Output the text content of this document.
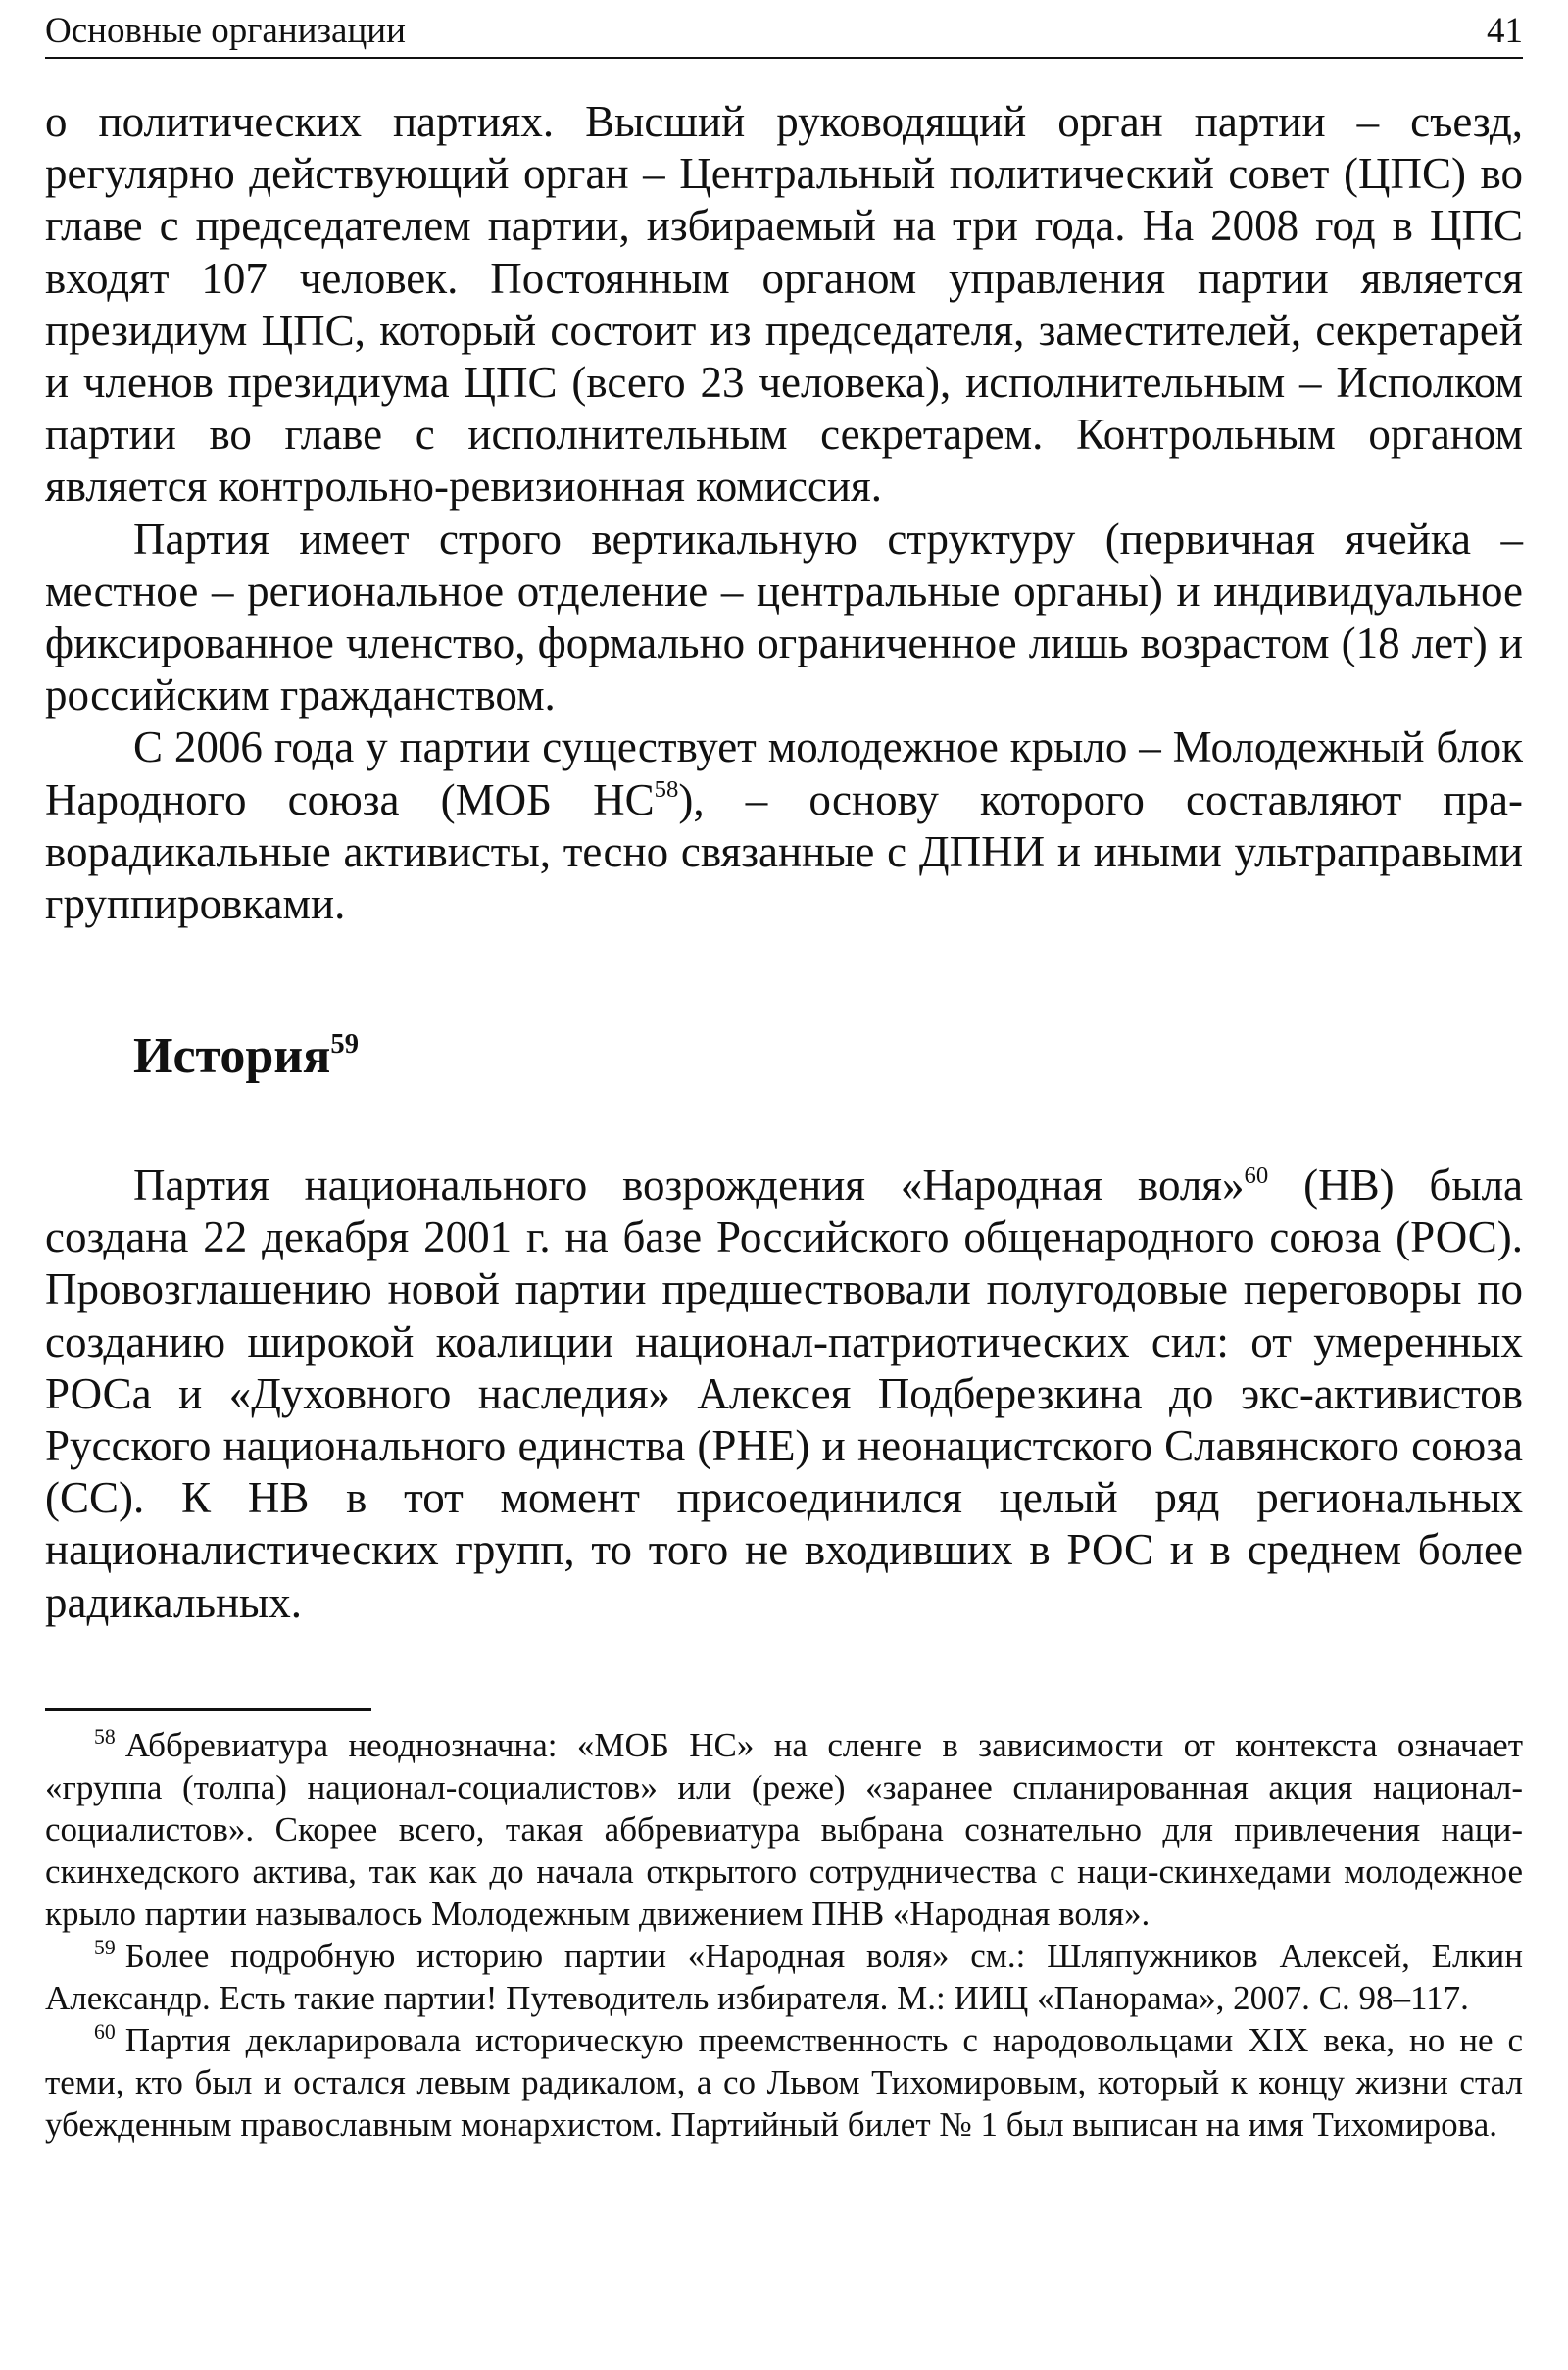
Основные организации	41

о политических партиях. Высший руководящий орган партии – съезд, регулярно действующий орган – Центральный политический совет (ЦПС) во главе с председателем партии, избираемый на три года. На 2008 год в ЦПС входят 107 человек. Постоянным органом управления партии является президиум ЦПС, который состоит из председателя, заместителей, секретарей и членов президиума ЦПС (всего 23 человека), исполнительным – Исполком партии во главе с исполнительным секретарем. Контрольным органом является контрольно-ревизионная комиссия.

Партия имеет строго вертикальную структуру (первичная ячейка – местное – региональное отделение – центральные органы) и индивидуальное фиксированное членство, формально ограниченное лишь возрастом (18 лет) и российским гражданством.

С 2006 года у партии существует молодежное крыло – Молодежный блок Народного союза (МОБ НС$^{58}$), – основу которого составляют праворадикальные активисты, тесно связанные с ДПНИ и иными ультраправыми группировками.

История$^{59}$

Партия национального возрождения «Народная воля»$^{60}$ (НВ) была создана 22 декабря 2001 г. на базе Российского общенародного союза (РОС). Провозглашению новой партии предшествовали полугодовые переговоры по созданию широкой коалиции национал-патриотических сил: от умеренных РОСа и «Духовного наследия» Алексея Подберезкина до экс-активистов Русского национального единства (РНЕ) и неонацистского Славянского союза (СС). К НВ в тот момент присоединился целый ряд региональных националистических групп, то того не входивших в РОС и в среднем более радикальных.

$^{58}$ Аббревиатура неоднозначна: «МОБ НС» на сленге в зависимости от контекста означает «группа (толпа) национал-социалистов» или (реже) «заранее спланированная акция национал-социалистов». Скорее всего, такая аббревиатура выбрана сознательно для привлечения наци-скинхедского актива, так как до начала открытого сотрудничества с наци-скинхедами молодежное крыло партии называлось Молодежным движением ПНВ «Народная воля».

$^{59}$ Более подробную историю партии «Народная воля» см.: Шляпужников Алексей, Елкин Александр. Есть такие партии! Путеводитель избирателя. М.: ИИЦ «Панорама», 2007. С. 98–117.

$^{60}$ Партия декларировала историческую преемственность с народовольцами XIX века, но не с теми, кто был и остался левым радикалом, а со Львом Тихомировым, который к концу жизни стал убежденным православным монархистом. Партийный билет № 1 был выписан на имя Тихомирова.
